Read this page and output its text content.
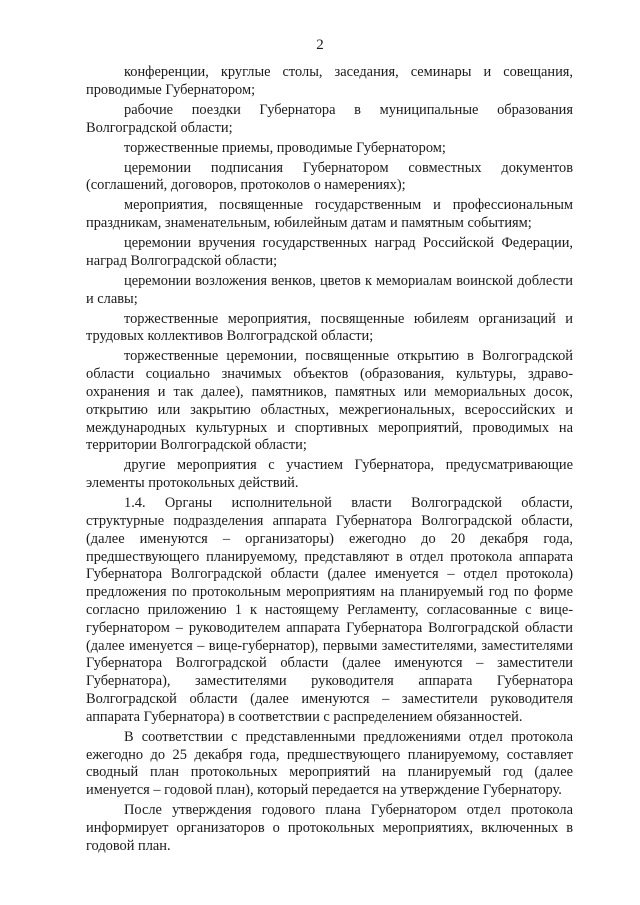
2

конференции, круглые столы, заседания, семинары и совещания, проводимые Губернатором;

рабочие поездки Губернатора в муниципальные образования Волгоградской области;

торжественные приемы, проводимые Губернатором;

церемонии подписания Губернатором совместных документов (соглашений, договоров, протоколов о намерениях);

мероприятия, посвященные государственным и профессиональным праздникам, знаменательным, юбилейным датам и памятным событиям;

церемонии вручения государственных наград Российской Федерации, наград Волгоградской области;

церемонии возложения венков, цветов к мемориалам воинской доблести и славы;

торжественные мероприятия, посвященные юбилеям организаций и трудовых коллективов Волгоградской области;

торжественные церемонии, посвященные открытию в Волгоградской области социально значимых объектов (образования, культуры, здраво-охранения и так далее), памятников, памятных или мемориальных досок, открытию или закрытию областных, межрегиональных, всероссийских и международных культурных и спортивных мероприятий, проводимых на территории Волгоградской области;

другие мероприятия с участием Губернатора, предусматривающие элементы протокольных действий.

1.4. Органы исполнительной власти Волгоградской области, структурные подразделения аппарата Губернатора Волгоградской области, (далее именуются – организаторы) ежегодно до 20 декабря года, предшествующего планируемому, представляют в отдел протокола аппарата Губернатора Волгоградской области (далее именуется – отдел протокола) предложения по протокольным мероприятиям на планируемый год по форме согласно приложению 1 к настоящему Регламенту, согласованные с вице-губернатором – руководителем аппарата Губернатора Волгоградской области (далее именуется – вице-губернатор), первыми заместителями, заместителями Губернатора Волгоградской области (далее именуются – заместители Губернатора), заместителями руководителя аппарата Губернатора Волгоградской области (далее именуются – заместители руководителя аппарата Губернатора) в соответствии с распределением обязанностей.

В соответствии с представленными предложениями отдел протокола ежегодно до 25 декабря года, предшествующего планируемому, составляет сводный план протокольных мероприятий на планируемый год (далее именуется – годовой план), который передается на утверждение Губернатору.

После утверждения годового плана Губернатором отдел протокола информирует организаторов о протокольных мероприятиях, включенных в годовой план.
